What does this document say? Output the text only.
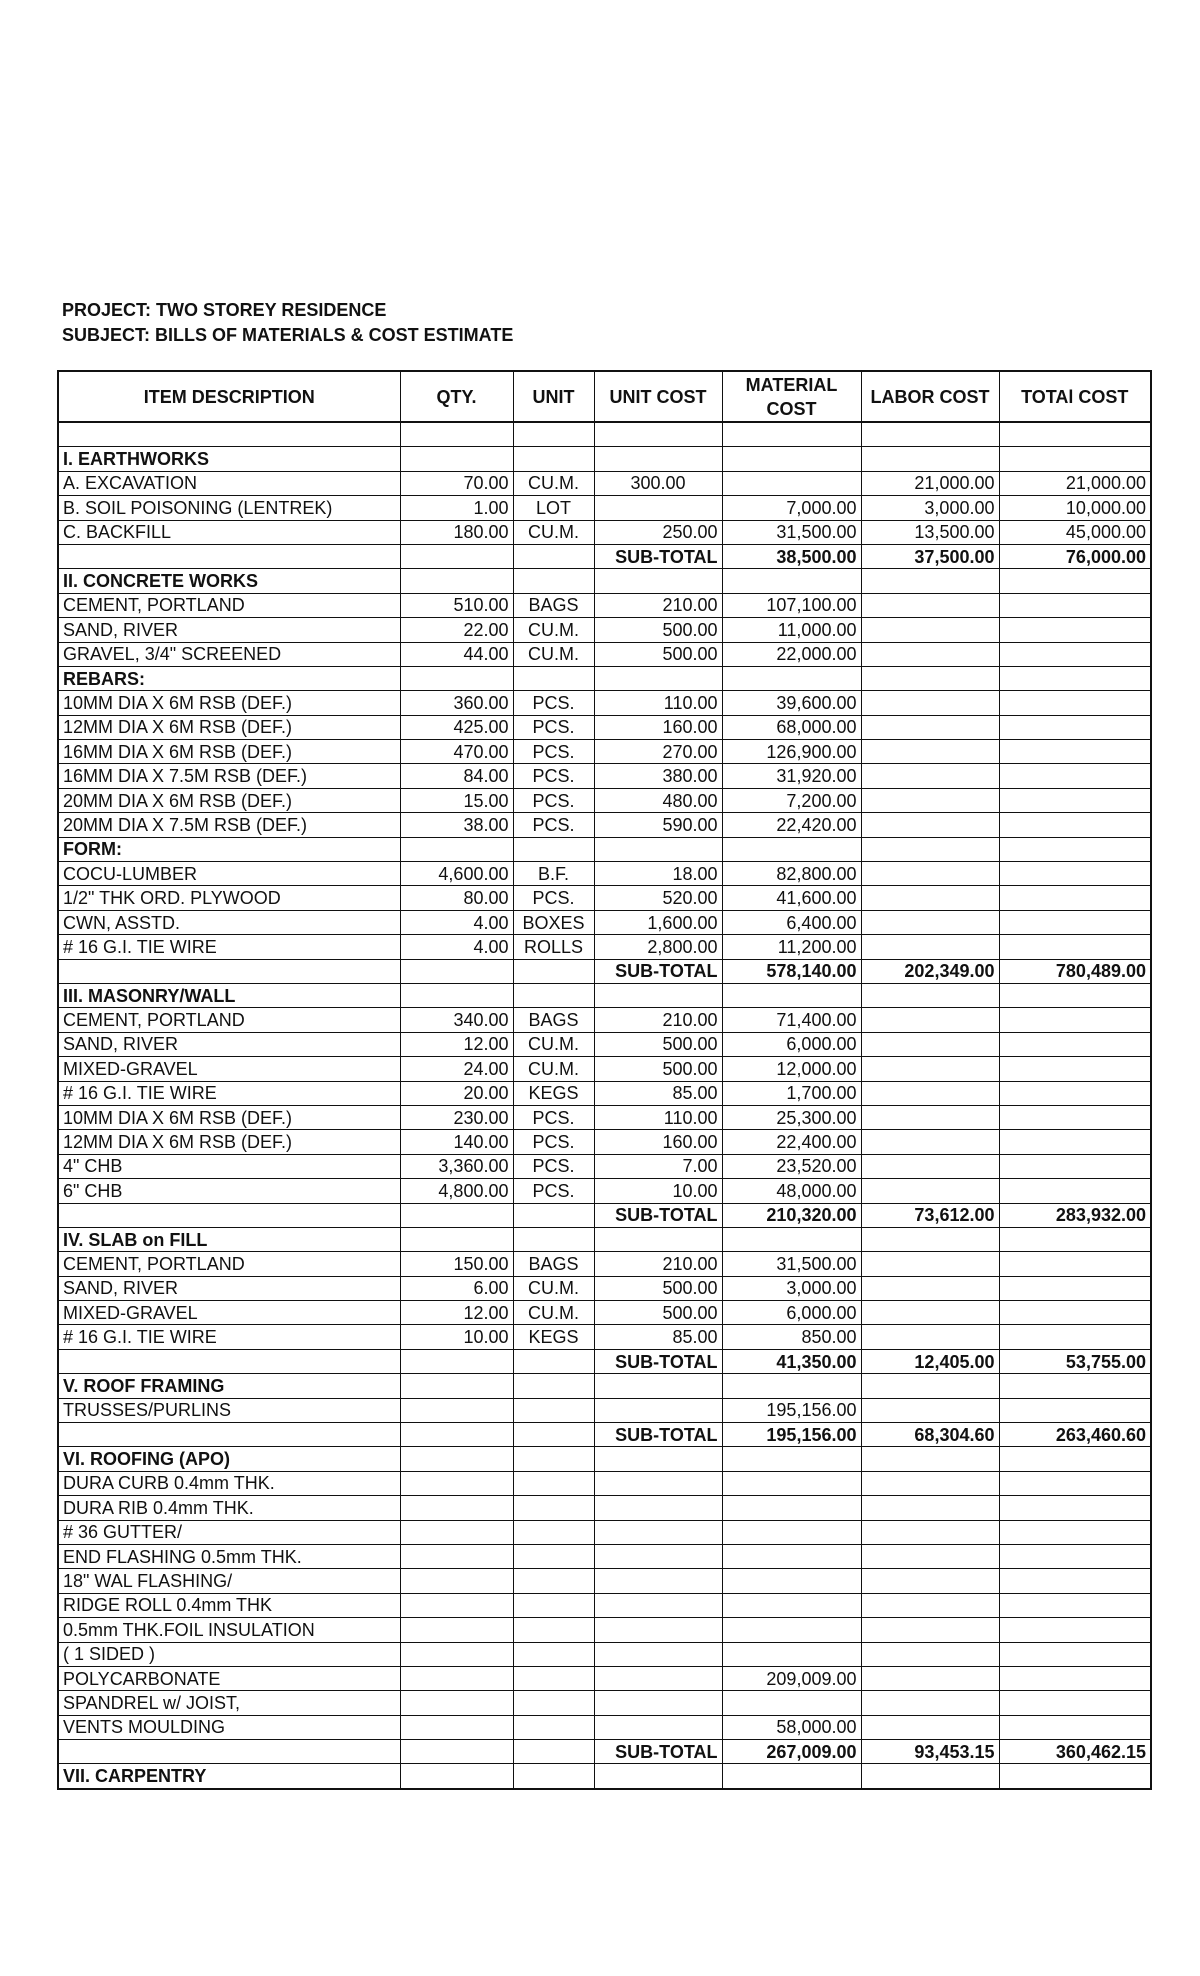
PROJECT: TWO STOREY RESIDENCE
SUBJECT: BILLS OF MATERIALS & COST ESTIMATE
ITEM DESCRIPTION	QTY.	UNIT	UNIT COST	MATERIAL COST	LABOR COST	TOTAl COST

I. EARTHWORKS						
A. EXCAVATION	70.00	CU.M.	300.00		21,000.00	21,000.00
B. SOIL POISONING (LENTREK)	1.00	LOT		7,000.00	3,000.00	10,000.00
C. BACKFILL	180.00	CU.M.	250.00	31,500.00	13,500.00	45,000.00
			SUB-TOTAL	38,500.00	37,500.00	76,000.00
II. CONCRETE WORKS						
CEMENT, PORTLAND	510.00	BAGS	210.00	107,100.00		
SAND, RIVER	22.00	CU.M.	500.00	11,000.00		
GRAVEL, 3/4" SCREENED	44.00	CU.M.	500.00	22,000.00		
REBARS:						
10MM DIA X 6M RSB (DEF.)	360.00	PCS.	110.00	39,600.00		
12MM DIA X 6M RSB (DEF.)	425.00	PCS.	160.00	68,000.00		
16MM DIA X 6M RSB (DEF.)	470.00	PCS.	270.00	126,900.00		
16MM DIA X 7.5M RSB (DEF.)	84.00	PCS.	380.00	31,920.00		
20MM DIA X 6M RSB (DEF.)	15.00	PCS.	480.00	7,200.00		
20MM DIA X 7.5M RSB (DEF.)	38.00	PCS.	590.00	22,420.00		
FORM:						
COCU-LUMBER	4,600.00	B.F.	18.00	82,800.00		
1/2" THK ORD. PLYWOOD	80.00	PCS.	520.00	41,600.00		
CWN, ASSTD.	4.00	BOXES	1,600.00	6,400.00		
# 16 G.I. TIE WIRE	4.00	ROLLS	2,800.00	11,200.00		
			SUB-TOTAL	578,140.00	202,349.00	780,489.00
III. MASONRY/WALL						
CEMENT, PORTLAND	340.00	BAGS	210.00	71,400.00		
SAND, RIVER	12.00	CU.M.	500.00	6,000.00		
MIXED-GRAVEL	24.00	CU.M.	500.00	12,000.00		
# 16 G.I. TIE WIRE	20.00	KEGS	85.00	1,700.00		
10MM DIA X 6M RSB (DEF.)	230.00	PCS.	110.00	25,300.00		
12MM DIA X 6M RSB (DEF.)	140.00	PCS.	160.00	22,400.00		
4" CHB	3,360.00	PCS.	7.00	23,520.00		
6" CHB	4,800.00	PCS.	10.00	48,000.00		
			SUB-TOTAL	210,320.00	73,612.00	283,932.00
IV. SLAB on FILL						
CEMENT, PORTLAND	150.00	BAGS	210.00	31,500.00		
SAND, RIVER	6.00	CU.M.	500.00	3,000.00		
MIXED-GRAVEL	12.00	CU.M.	500.00	6,000.00		
# 16 G.I. TIE WIRE	10.00	KEGS	85.00	850.00		
			SUB-TOTAL	41,350.00	12,405.00	53,755.00
V. ROOF FRAMING						
TRUSSES/PURLINS				195,156.00		
			SUB-TOTAL	195,156.00	68,304.60	263,460.60
VI. ROOFING (APO)						
DURA CURB 0.4mm THK.						
DURA RIB 0.4mm THK.						
# 36 GUTTER/						
END FLASHING 0.5mm THK.						
18" WAL FLASHING/						
RIDGE ROLL 0.4mm THK						
0.5mm THK.FOIL INSULATION						
( 1 SIDED )						
POLYCARBONATE				209,009.00		
SPANDREL w/ JOIST,						
VENTS MOULDING				58,000.00		
			SUB-TOTAL	267,009.00	93,453.15	360,462.15
VII. CARPENTRY						
